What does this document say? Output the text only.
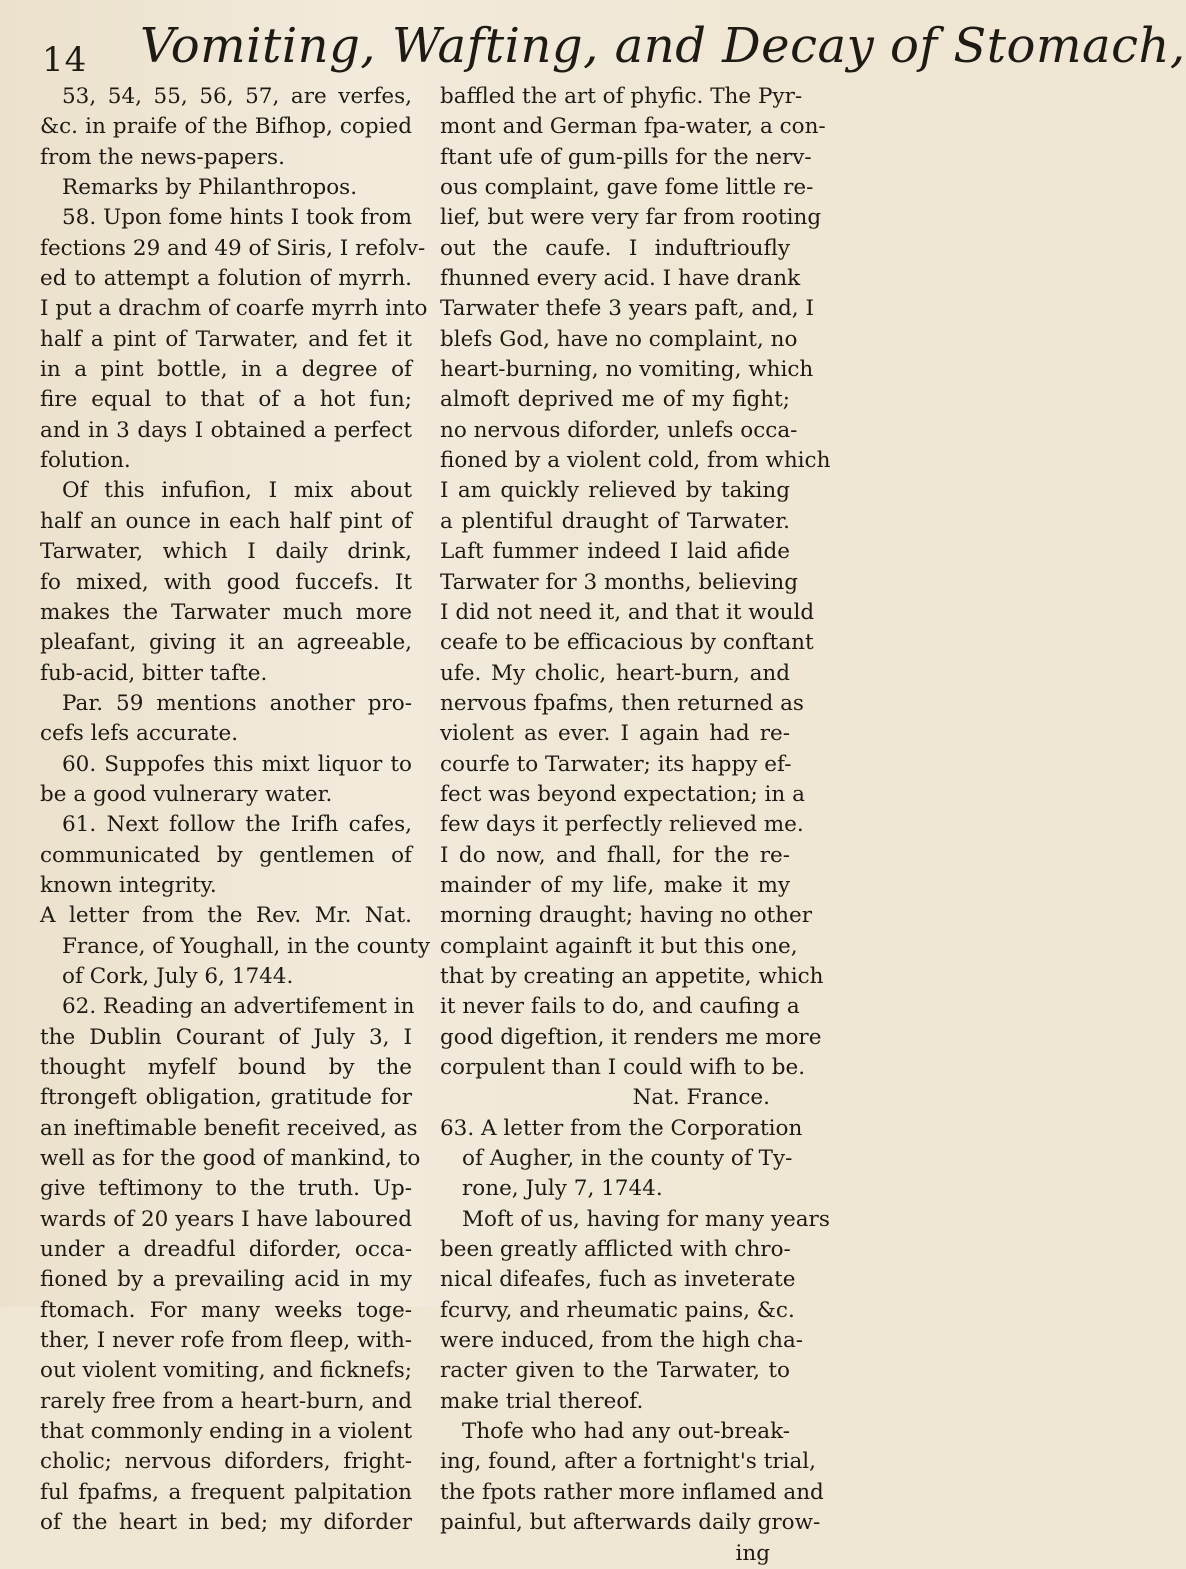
14 Vomiting, Wafting, and Decay of Stomach,
53, 54, 55, 56, 57, are verfes,
&c. in praife of the Bifhop, copied
from the news-papers.
Remarks by Philanthropos.
58. Upon fome hints I took from
fections 29 and 49 of Siris, I refolv-
ed to attempt a folution of myrrh.
I put a drachm of coarfe myrrh into
half a pint of Tarwater, and fet it
in a pint bottle, in a degree of
fire equal to that of a hot fun;
and in 3 days I obtained a perfect
folution.
Of this infufion, I mix about
half an ounce in each half pint of
Tarwater, which I daily drink,
fo mixed, with good fuccefs. It
makes the Tarwater much more
pleafant, giving it an agreeable,
fub-acid, bitter tafte.
Par. 59 mentions another pro-
cefs lefs accurate.
60. Suppofes this mixt liquor to
be a good vulnerary water.
61. Next follow the Irifh cafes,
communicated by gentlemen of
known integrity.
A letter from the Rev. Mr. Nat.
France, of Youghall, in the county
of Cork, July 6, 1744.
62. Reading an advertifement in
the Dublin Courant of July 3, I
thought myfelf bound by the
ftrongeft obligation, gratitude for
an ineftimable benefit received, as
well as for the good of mankind, to
give teftimony to the truth. Up-
wards of 20 years I have laboured
under a dreadful diforder, occa-
fioned by a prevailing acid in my
ftomach. For many weeks toge-
ther, I never rofe from fleep, with-
out violent vomiting, and ficknefs;
rarely free from a heart-burn, and
that commonly ending in a violent
cholic; nervous diforders, fright-
ful fpafms, a frequent palpitation
of the heart in bed; my diforder
baffled the art of phyfic. The Pyr-
mont and German fpa-water, a con-
ftant ufe of gum-pills for the nerv-
ous complaint, gave fome little re-
lief, but were very far from rooting
out the caufe. I induftrioufly
fhunned every acid. I have drank
Tarwater thefe 3 years paft, and, I
blefs God, have no complaint, no
heart-burning, no vomiting, which
almoft deprived me of my fight;
no nervous diforder, unlefs occa-
fioned by a violent cold, from which
I am quickly relieved by taking
a plentiful draught of Tarwater.
Laft fummer indeed I laid afide
Tarwater for 3 months, believing
I did not need it, and that it would
ceafe to be efficacious by conftant
ufe. My cholic, heart-burn, and
nervous fpafms, then returned as
violent as ever. I again had re-
courfe to Tarwater; its happy ef-
fect was beyond expectation; in a
few days it perfectly relieved me.
I do now, and fhall, for the re-
mainder of my life, make it my
morning draught; having no other
complaint againft it but this one,
that by creating an appetite, which
it never fails to do, and caufing a
good digeftion, it renders me more
corpulent than I could wifh to be.
Nat. France.
63. A letter from the Corporation
of Augher, in the county of Ty-
rone, July 7, 1744.
Moft of us, having for many years
been greatly afflicted with chro-
nical difeafes, fuch as inveterate
fcurvy, and rheumatic pains, &c.
were induced, from the high cha-
racter given to the Tarwater, to
make trial thereof.
Thofe who had any out-break-
ing, found, after a fortnight's trial,
the fpots rather more inflamed and
painful, but afterwards daily grow-
ing
